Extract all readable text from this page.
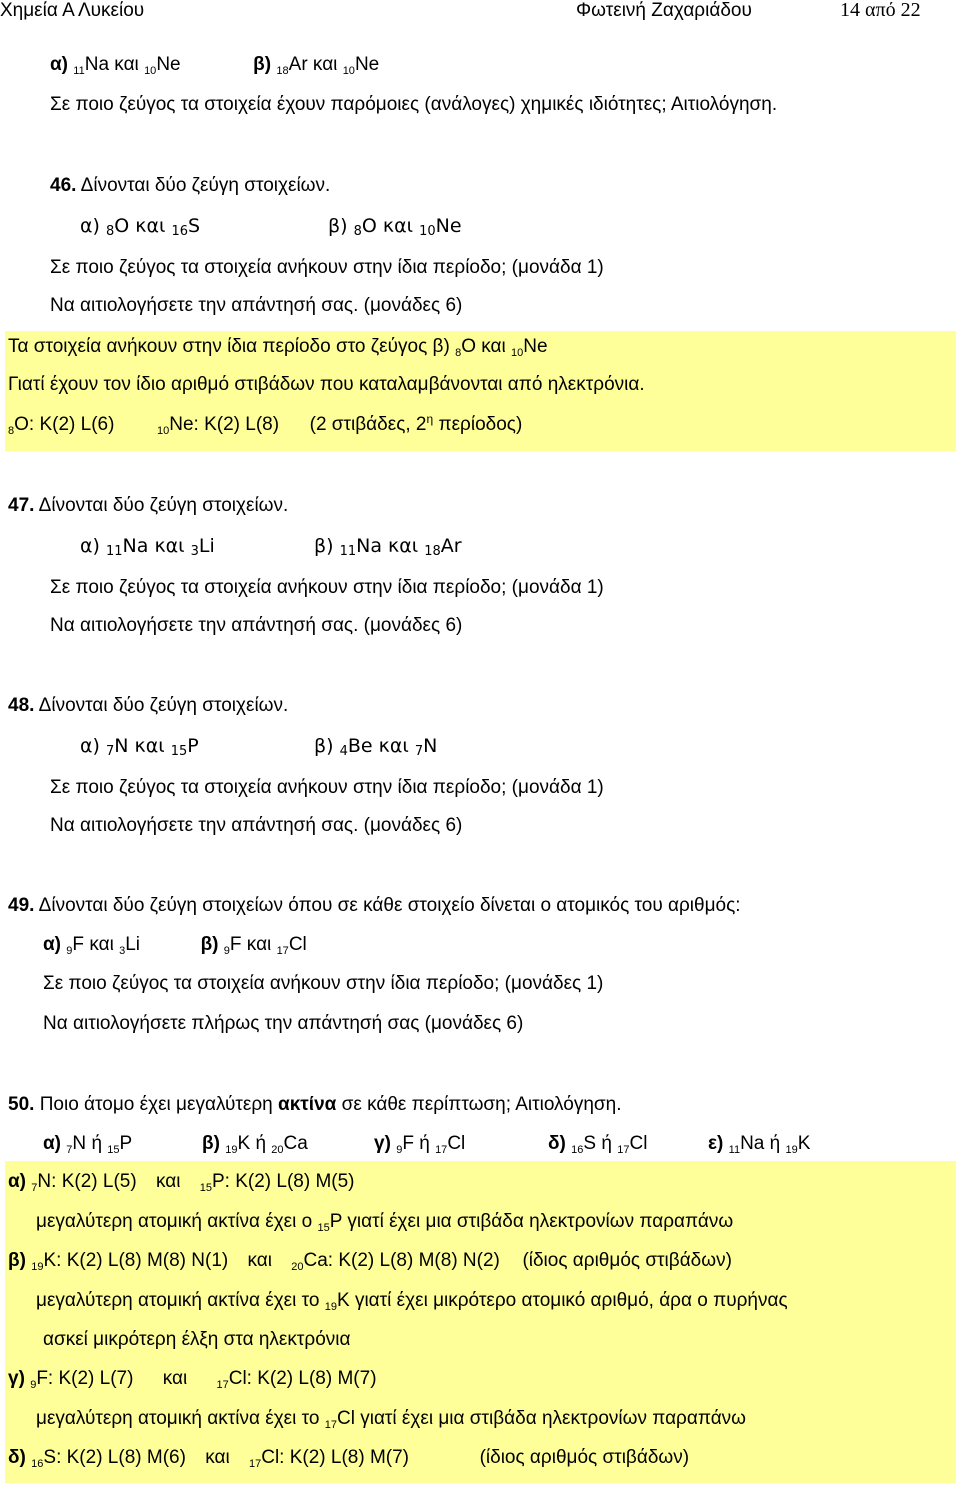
Χημεία Α Λυκείου	Φωτεινή Ζαχαριάδου	14 από 22
α) $_{11}$Na και $_{10}$Ne	β) $_{18}$Ar και $_{10}$Ne
Σε ποιο ζεύγος τα στοιχεία έχουν παρόμοιες (ανάλογες) χημικές ιδιότητες; Αιτιολόγηση.
46. Δίνονται δύο ζεύγη στοιχείων.
α) 8O και 16S	β) 8O και 10Ne
Σε ποιο ζεύγος τα στοιχεία ανήκουν στην ίδια περίοδο; (μονάδα 1)
Να αιτιολογήσετε την απάντησή σας. (μονάδες 6)
Τα στοιχεία ανήκουν στην ίδια περίοδο στο ζεύγος β) $_8$O και $_{10}$Ne
Γιατί έχουν τον ίδιο αριθμό στιβάδων που καταλαμβάνονται από ηλεκτρόνια.
$_8$O: K(2) L(6)	$_{10}$Ne: K(2) L(8) (2 στιβάδες, $2^\eta$ περίοδος)
47. Δίνονται δύο ζεύγη στοιχείων.
α) 11Na και 3Li	β) 11Na και 18Ar
Σε ποιο ζεύγος τα στοιχεία ανήκουν στην ίδια περίοδο; (μονάδα 1)
Να αιτιολογήσετε την απάντησή σας. (μονάδες 6)
48. Δίνονται δύο ζεύγη στοιχείων.
α) 7N και 15P	β) 4Be και 7N
Σε ποιο ζεύγος τα στοιχεία ανήκουν στην ίδια περίοδο; (μονάδα 1)
Να αιτιολογήσετε την απάντησή σας. (μονάδες 6)
49. Δίνονται δύο ζεύγη στοιχείων όπου σε κάθε στοιχείο δίνεται ο ατομικός του αριθμός:
α) $_9$F και $_3$Li	β) $_9$F και $_{17}$Cl
Σε ποιο ζεύγος τα στοιχεία ανήκουν στην ίδια περίοδο; (μονάδες 1)
Να αιτιολογήσετε πλήρως την απάντησή σας (μονάδες 6)
50. Ποιο άτομο έχει μεγαλύτερη ακτίνα σε κάθε περίπτωση; Αιτιολόγηση.
α) $_7$N ή $_{15}$P	β) $_{19}$K ή $_{20}$Ca	γ) $_9$F ή $_{17}$Cl	δ) $_{16}$S ή $_{17}$Cl	ε) $_{11}$Na ή $_{19}$K
α) $_7$N: K(2) L(5) και $_{15}$P: K(2) L(8) M(5)
μεγαλύτερη ατομική ακτίνα έχει ο $_{15}$P γιατί έχει μια στιβάδα ηλεκτρονίων παραπάνω
β) $_{19}$K: K(2) L(8) M(8) N(1) και $_{20}$Ca: K(2) L(8) M(8) N(2) (ίδιος αριθμός στιβάδων)
μεγαλύτερη ατομική ακτίνα έχει το $_{19}$K γιατί έχει μικρότερο ατομικό αριθμό, άρα ο πυρήνας
ασκεί μικρότερη έλξη στα ηλεκτρόνια
γ) $_9$F: K(2) L(7) και	$_{17}$Cl: K(2) L(8) M(7)
μεγαλύτερη ατομική ακτίνα έχει το $_{17}$Cl γιατί έχει μια στιβάδα ηλεκτρονίων παραπάνω
δ) $_{16}$S: K(2) L(8) M(6) και $_{17}$Cl: K(2) L(8) M(7)	(ίδιος αριθμός στιβάδων)
